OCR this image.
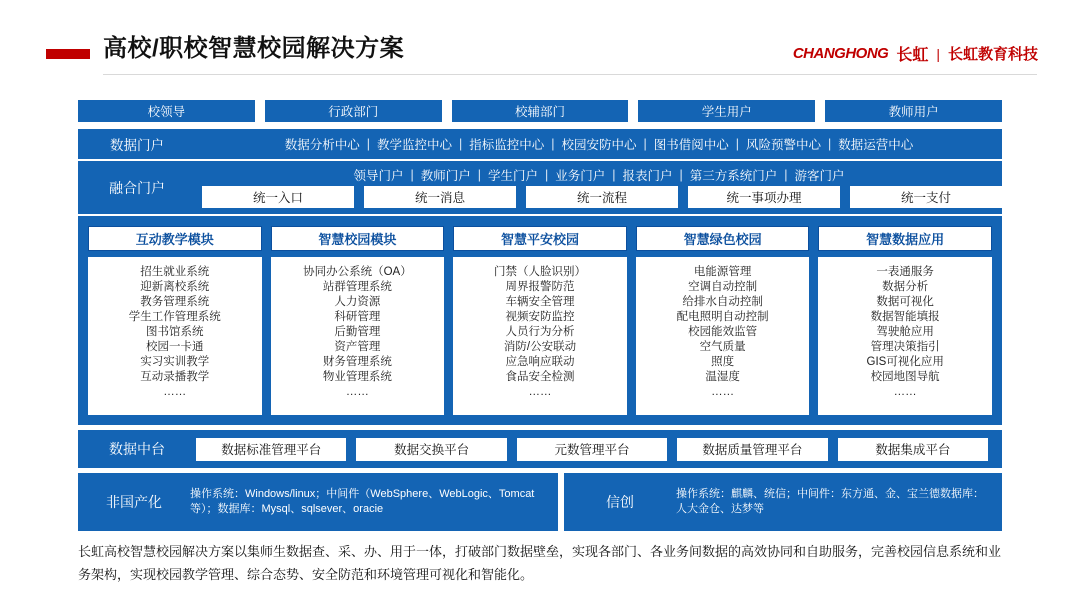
高校/职校智慧校园解决方案	CHANGHONG 长虹 | 长虹教育科技
校领导	行政部门	校辅部门	学生用户	教师用户
数据门户	数据分析中心 | 教学监控中心 | 指标监控中心 | 校园安防中心 | 图书借阅中心 | 风险预警中心 | 数据运营中心
融合门户
领导门户 | 教师门户 | 学生门户 | 业务门户 | 报表门户 | 第三方系统门户 | 游客门户
统一入口	统一消息	统一流程	统一事项办理	统一支付
互动教学模块
招生就业系统
迎新离校系统
教务管理系统
学生工作管理系统
图书馆系统
校园一卡通
实习实训教学
互动录播教学
……
智慧校园模块
协同办公系统（OA）
站群管理系统
人力资源
科研管理
后勤管理
资产管理
财务管理系统
物业管理系统
……
智慧平安校园
门禁（人脸识别）
周界报警防范
车辆安全管理
视频安防监控
人员行为分析
消防/公安联动
应急响应联动
食品安全检测
……
智慧绿色校园
电能源管理
空调自动控制
给排水自动控制
配电照明自动控制
校园能效监管
空气质量
照度
温湿度
……
智慧数据应用
一表通服务
数据分析
数据可视化
数据智能填报
驾驶舱应用
管理决策指引
GIS可视化应用
校园地图导航
……
数据中台	数据标准管理平台	数据交换平台	元数管理平台	数据质量管理平台	数据集成平台
非国产化	操作系统：Windows/linux；中间件（WebSphere、WebLogic、Tomcat等）；数据库：Mysql、sqlsever、oracie	信创	操作系统：麒麟、统信；中间件：东方通、金、宝兰德数据库：人大金仓、达梦等
长虹高校智慧校园解决方案以集师生数据查、采、办、用于一体，打破部门数据壁垒，实现各部门、各业务间数据的高效协同和自助服务，完善校园信息系统和业务架构，实现校园教学管理、综合态势、安全防范和环境管理可视化和智能化。
